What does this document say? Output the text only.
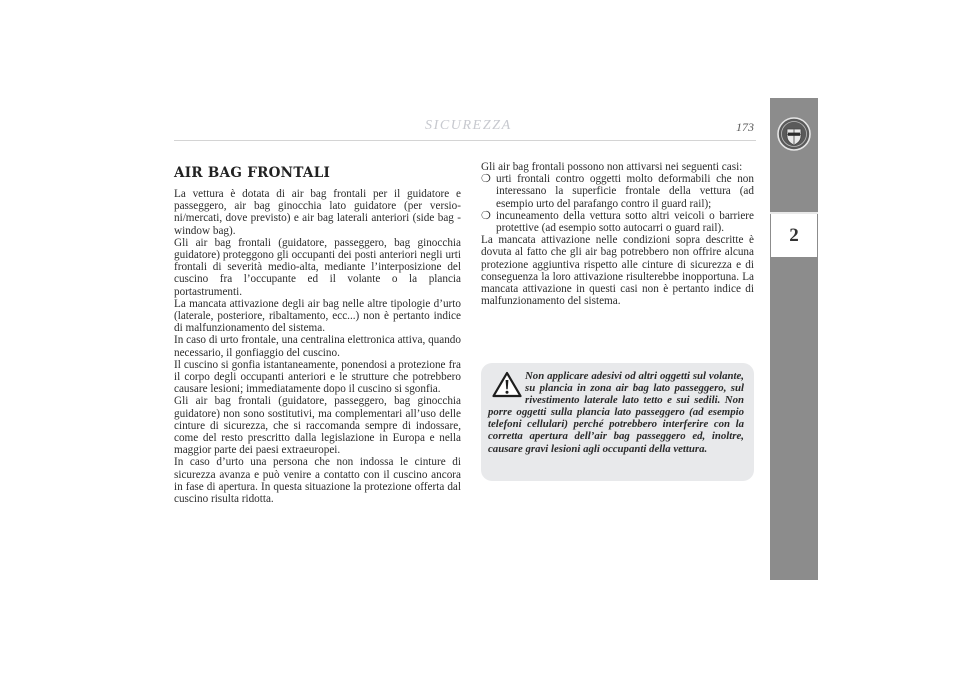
SICUREZZA	173
2
AIR BAG FRONTALI

La vettura è dotata di air bag frontali per il guidatore e passeggero, air bag ginocchia lato guidatore (per versioni/mercati, dove previsto) e air bag laterali anteriori (side bag - window bag).

Gli air bag frontali (guidatore, passeggero, bag ginocchia guidatore) proteggono gli occupanti dei posti anteriori negli urti frontali di severità medio-alta, mediante l’interposizione del cuscino fra l’occupante ed il volante o la plancia portastrumenti.

La mancata attivazione degli air bag nelle altre tipologie d’urto (laterale, posteriore, ribaltamento, ecc...) non è pertanto indice di malfunzionamento del sistema.

In caso di urto frontale, una centralina elettronica attiva, quando necessario, il gonfiaggio del cuscino.

Il cuscino si gonfia istantaneamente, ponendosi a protezione fra il corpo degli occupanti anteriori e le strutture che potrebbero causare lesioni; immediatamente dopo il cuscino si sgonfia.

Gli air bag frontali (guidatore, passeggero, bag ginocchia guidatore) non sono sostitutivi, ma complementari all’uso delle cinture di sicurezza, che si raccomanda sempre di indossare, come del resto prescritto dalla legislazione in Europa e nella maggior parte dei paesi extraeuropei.

In caso d’urto una persona che non indossa le cinture di sicurezza avanza e può venire a contatto con il cuscino ancora in fase di apertura. In questa situazione la protezione offerta dal cuscino risulta ridotta.

Gli air bag frontali possono non attivarsi nei seguenti casi:

❍ urti frontali contro oggetti molto deformabili che non interessano la superficie frontale della vettura (ad esempio urto del parafango contro il guard rail);
❍ incuneamento della vettura sotto altri veicoli o barriere protettive (ad esempio sotto autocarri o guard rail).

La mancata attivazione nelle condizioni sopra descritte è dovuta al fatto che gli air bag potrebbero non offrire alcuna protezione aggiuntiva rispetto alle cinture di sicurezza e di conseguenza la loro attivazione risulterebbe inopportuna. La mancata attivazione in questi casi non è pertanto indice di malfunzionamento del sistema.

Non applicare adesivi od altri oggetti sul volante, su plancia in zona air bag lato passeggero, sul rivestimento laterale lato tetto e sui sedili. Non porre oggetti sulla plancia lato passeggero (ad esempio telefoni cellulari) perché potrebbero interferire con la corretta apertura dell’air bag passeggero ed, inoltre, causare gravi lesioni agli occupanti della vettura.
